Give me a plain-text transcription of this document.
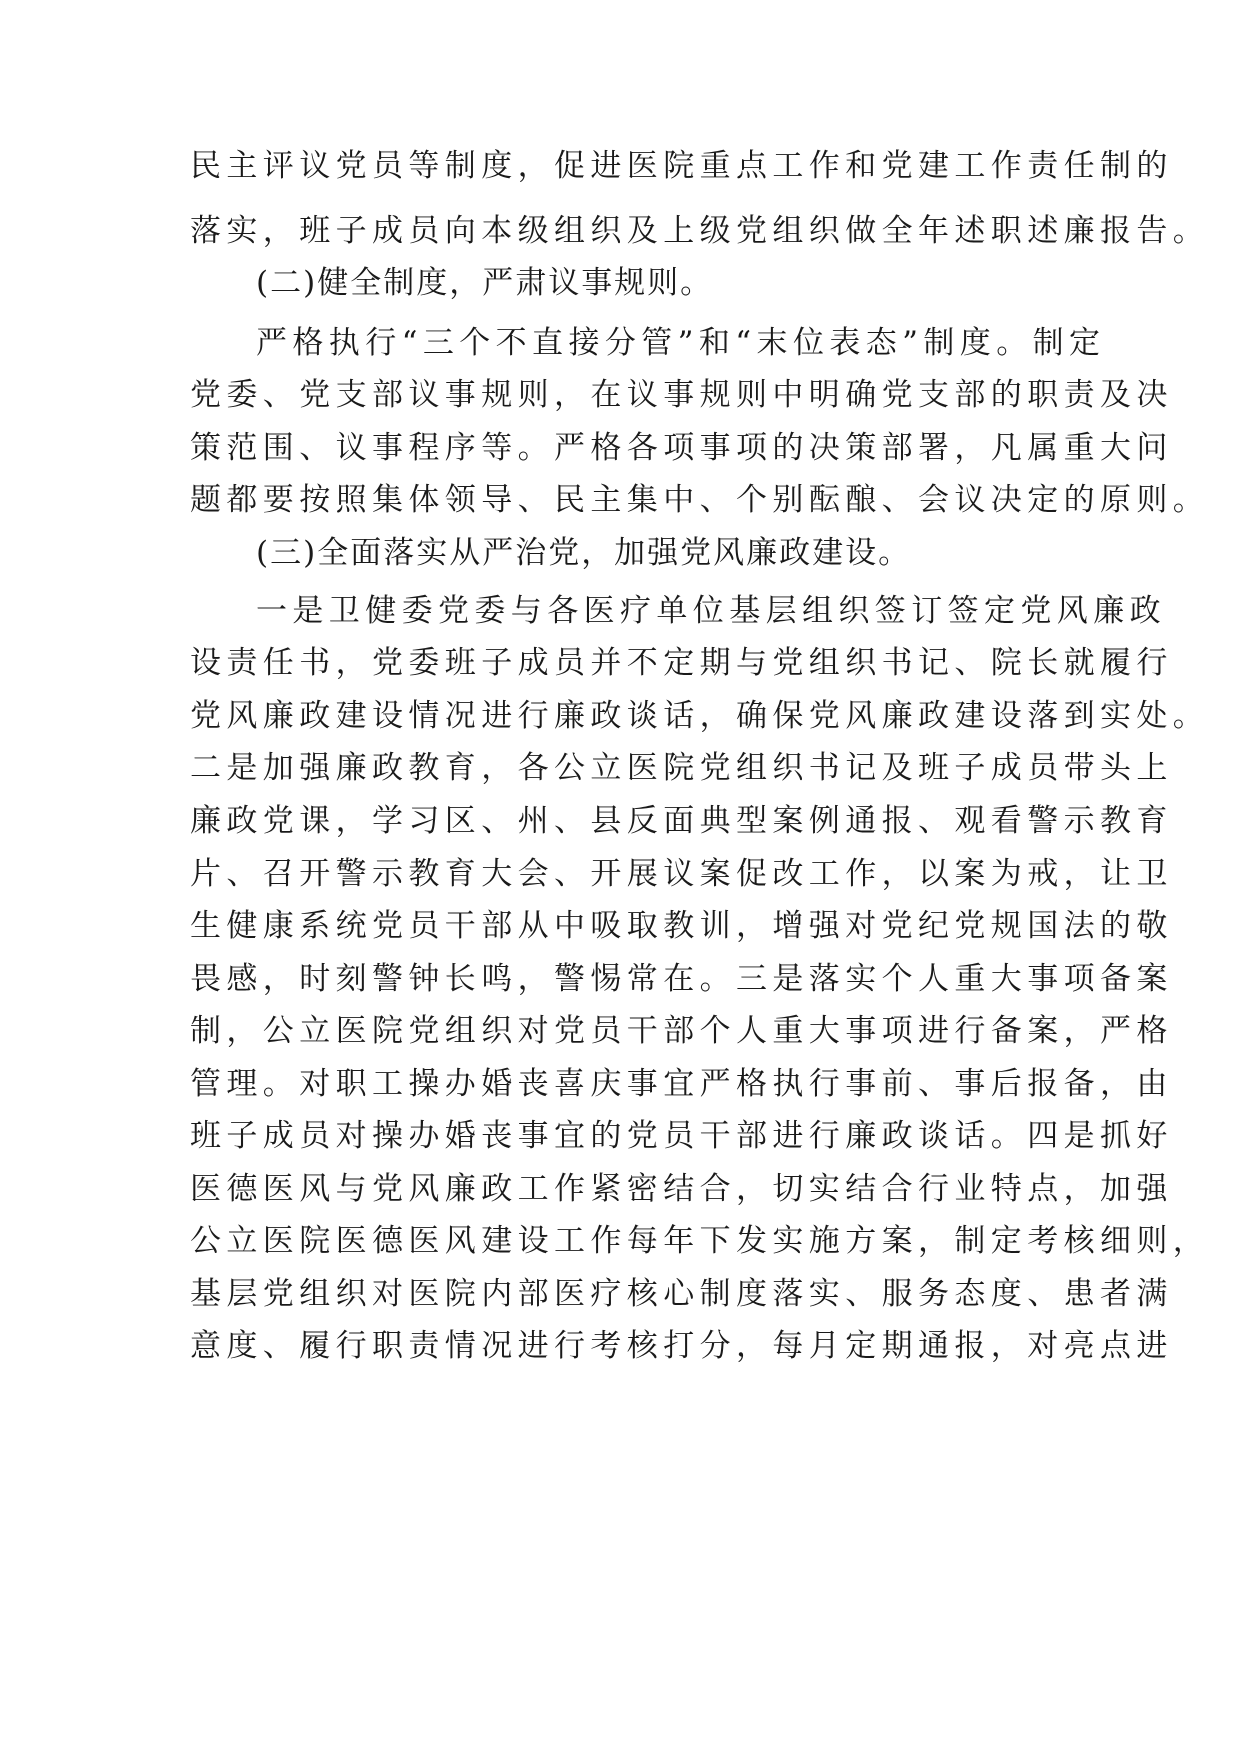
民主评议党员等制度，促进医院重点工作和党建工作责任制的
落实，班子成员向本级组织及上级党组织做全年述职述廉报告。
(二)健全制度，严肃议事规则。
严格执行“三个不直接分管”和“末位表态”制度。制定
党委、党支部议事规则，在议事规则中明确党支部的职责及决
策范围、议事程序等。严格各项事项的决策部署，凡属重大问
题都要按照集体领导、民主集中、个别酝酿、会议决定的原则。
(三)全面落实从严治党，加强党风廉政建设。
一是卫健委党委与各医疗单位基层组织签订签定党风廉政
设责任书，党委班子成员并不定期与党组织书记、院长就履行
党风廉政建设情况进行廉政谈话，确保党风廉政建设落到实处。
二是加强廉政教育，各公立医院党组织书记及班子成员带头上
廉政党课，学习区、州、县反面典型案例通报、观看警示教育
片、召开警示教育大会、开展议案促改工作，以案为戒，让卫
生健康系统党员干部从中吸取教训，增强对党纪党规国法的敬
畏感，时刻警钟长鸣，警惕常在。三是落实个人重大事项备案
制，公立医院党组织对党员干部个人重大事项进行备案，严格
管理。对职工操办婚丧喜庆事宜严格执行事前、事后报备，由
班子成员对操办婚丧事宜的党员干部进行廉政谈话。四是抓好
医德医风与党风廉政工作紧密结合，切实结合行业特点，加强
公立医院医德医风建设工作每年下发实施方案，制定考核细则，
基层党组织对医院内部医疗核心制度落实、服务态度、患者满
意度、履行职责情况进行考核打分，每月定期通报，对亮点进
